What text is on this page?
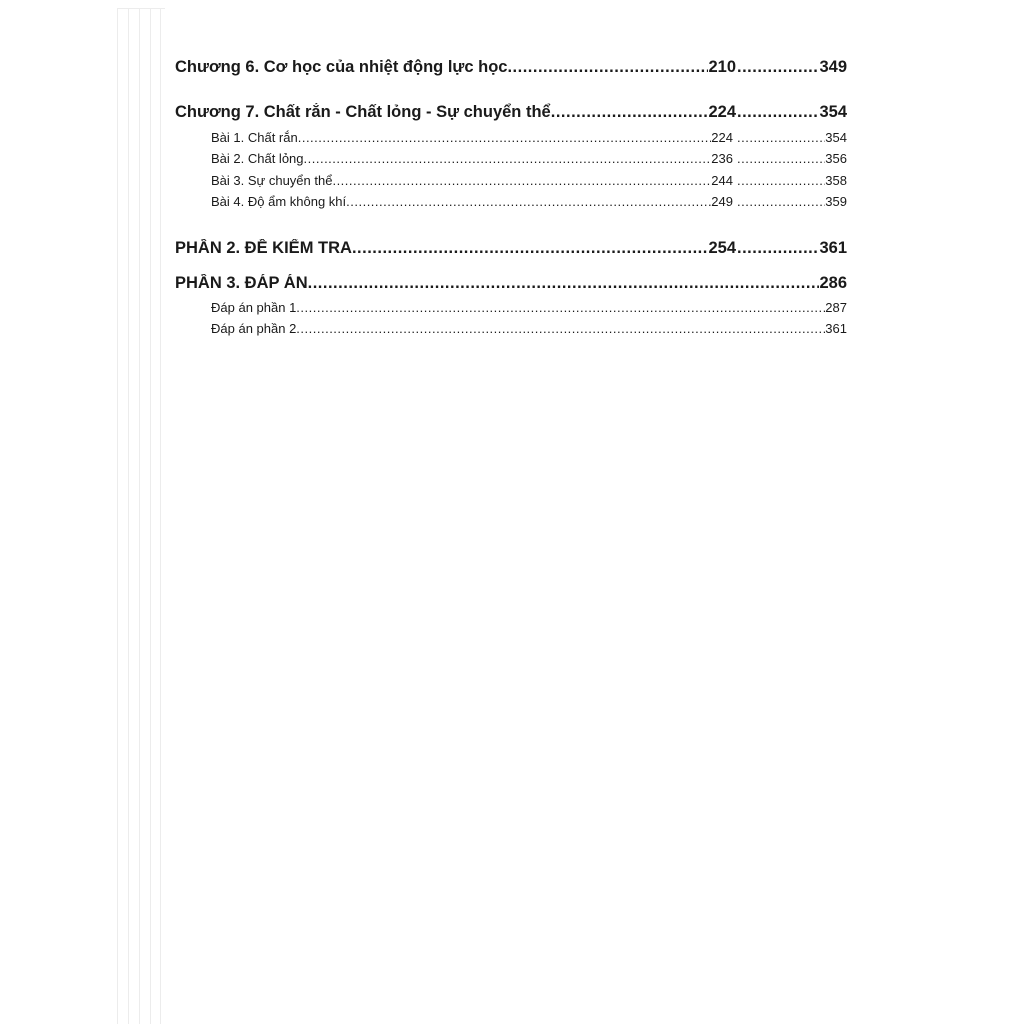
Chương 6. Cơ học của nhiệt động lực học .....	210 .....	349
Chương 7. Chất rắn - Chất lỏng - Sự chuyển thể .....	224 .....	354
Bài 1. Chất rắn .....	224 .....	354
Bài 2. Chất lỏng .....	236 .....	356
Bài 3. Sự chuyển thể .....	244 .....	358
Bài 4. Độ ẩm không khí .....	249 .....	359
PHẦN 2. ĐỀ KIỂM TRA .....	254 .....	361
PHẦN 3. ĐÁP ÁN .....	286
Đáp án phần 1 .....	287
Đáp án phần 2 .....	361
